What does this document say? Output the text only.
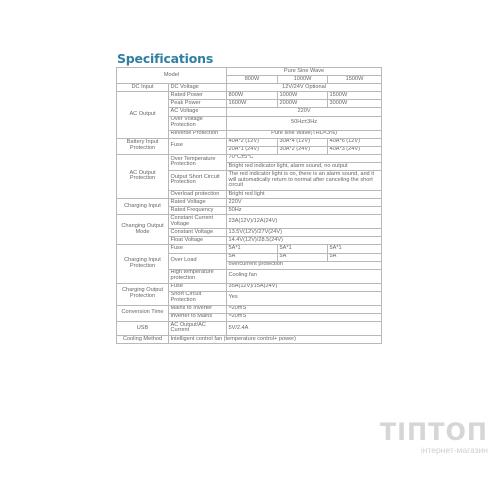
Specifications
Model		Pure Sine Wave		
		800W	1000W	1500W
DC Input	DC Voltage	12V/24V Optional		
AC Output	Rated Power	800W	1000W	1500W
	Peak Power	1600W	2000W	3000W
	AC Voltage	220V		
	Over Voltage Protection	50Hz±3Hz		
	Reverse Protection	Pure sine Wave(THD<3%)		
Battery Input Protection	Fuse	40A*2 (12V)	30A*4 (12V)	40A*6 (12V)
		20A*1 (24V)	30A*2 (24V)	40A*3 (24V)
AC Output Protection	Over Temperature Protection	70°C±5°C		
		Bright red indicator light, alarm sound, no output		
	Output Short Circuit Protection	The red indicator light is on, there is an alarm sound, and it will automatically return to normal after canceling the short circuit		
	Overload protection	Bright red light		
Charging Input	Rated Voltage	220V		
	Rated Frequency	50Hz		
Changing Output Mode	Constant Current Voltage	23A(12V)/12A(24V)		
	Constant Voltage	13.5V(12V)/27V(24V)		
	Float Voltage	14.4V(12V)/28.5(24V)		
Charging Input Protection	Fuse	5A*1	5A*1	5A*1
	Over Load	5A	5A	5A
		overcurrent protection		
	High temperature protection	Cooling fan		
Charging Output Protection	Fuse	35A(12V)/15A(24V)		
	Short Circuit Protection	Yes		
Conversion Time	Mains to Inverter	≈20mS		
	Inverter to Mains	≈20mS		
USB	AC Output/AC Current	5V/2.4A		
Cooling Method	Intelligent control fan (temperature control+ power)			
ТІПТОП
інтернет-магазин
